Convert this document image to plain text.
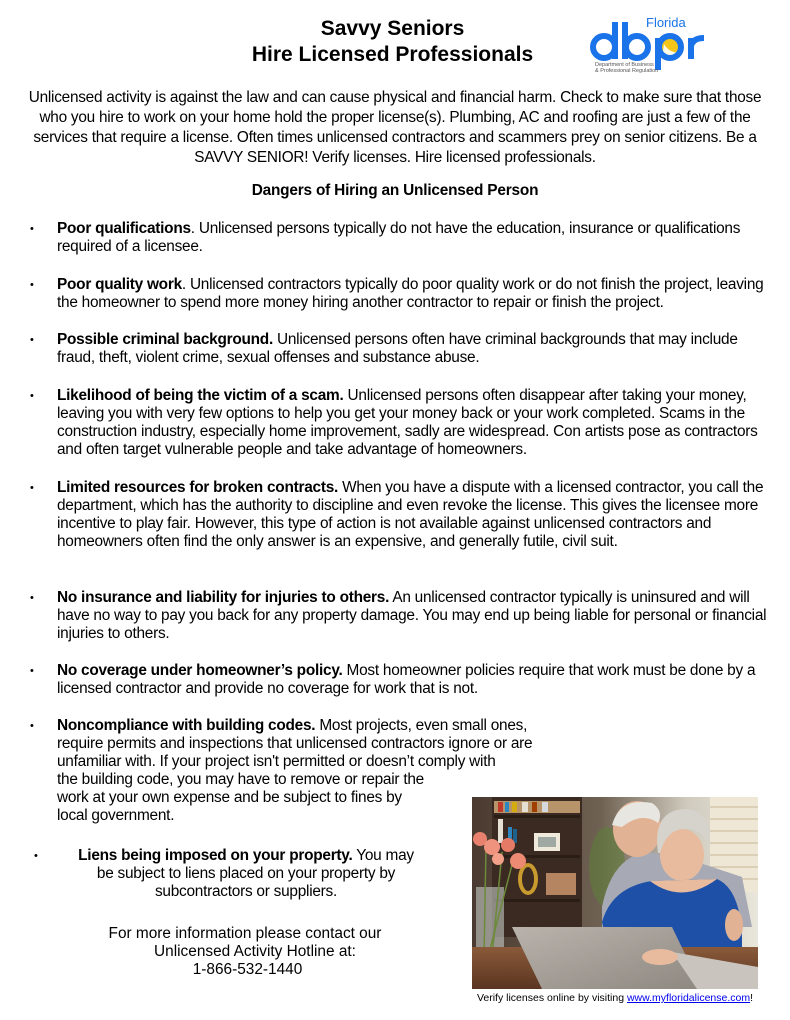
Savvy Seniors
Hire Licensed Professionals
Florida
Department of Business
& Professional Regulation
Unlicensed activity is against the law and can cause physical and financial harm. Check to make sure that those who you hire to work on your home hold the proper license(s). Plumbing, AC and roofing are just a few of the services that require a license. Often times unlicensed contractors and scammers prey on senior citizens. Be a SAVVY SENIOR! Verify licenses. Hire licensed professionals.
Dangers of Hiring an Unlicensed Person
•	Poor qualifications. Unlicensed persons typically do not have the education, insurance or qualifications required of a licensee.
•	Poor quality work. Unlicensed contractors typically do poor quality work or do not finish the project, leaving the homeowner to spend more money hiring another contractor to repair or finish the project.
•	Possible criminal background. Unlicensed persons often have criminal backgrounds that may include fraud, theft, violent crime, sexual offenses and substance abuse.
•	Likelihood of being the victim of a scam. Unlicensed persons often disappear after taking your money, leaving you with very few options to help you get your money back or your work completed. Scams in the construction industry, especially home improvement, sadly are widespread. Con artists pose as contractors and often target vulnerable people and take advantage of homeowners.
•	Limited resources for broken contracts. When you have a dispute with a licensed contractor, you call the department, which has the authority to discipline and even revoke the license. This gives the licensee more incentive to play fair. However, this type of action is not available against unlicensed contractors and homeowners often find the only answer is an expensive, and generally futile, civil suit.
•	No insurance and liability for injuries to others. An unlicensed contractor typically is uninsured and will have no way to pay you back for any property damage. You may end up being liable for personal or financial injuries to others.
•	No coverage under homeowner’s policy. Most homeowner policies require that work must be done by a licensed contractor and provide no coverage for work that is not.
•	Noncompliance with building codes. Most projects, even small ones,
require permits and inspections that unlicensed contractors ignore or are
unfamiliar with. If your project isn't permitted or doesn’t comply with
the building code, you may have to remove or repair the
work at your own expense and be subject to fines by
local government.
•	Liens being imposed on your property. You may
be subject to liens placed on your property by
subcontractors or suppliers.
For more information please contact our
Unlicensed Activity Hotline at:
1-866-532-1440
Verify licenses online by visiting www.myfloridalicense.com!
